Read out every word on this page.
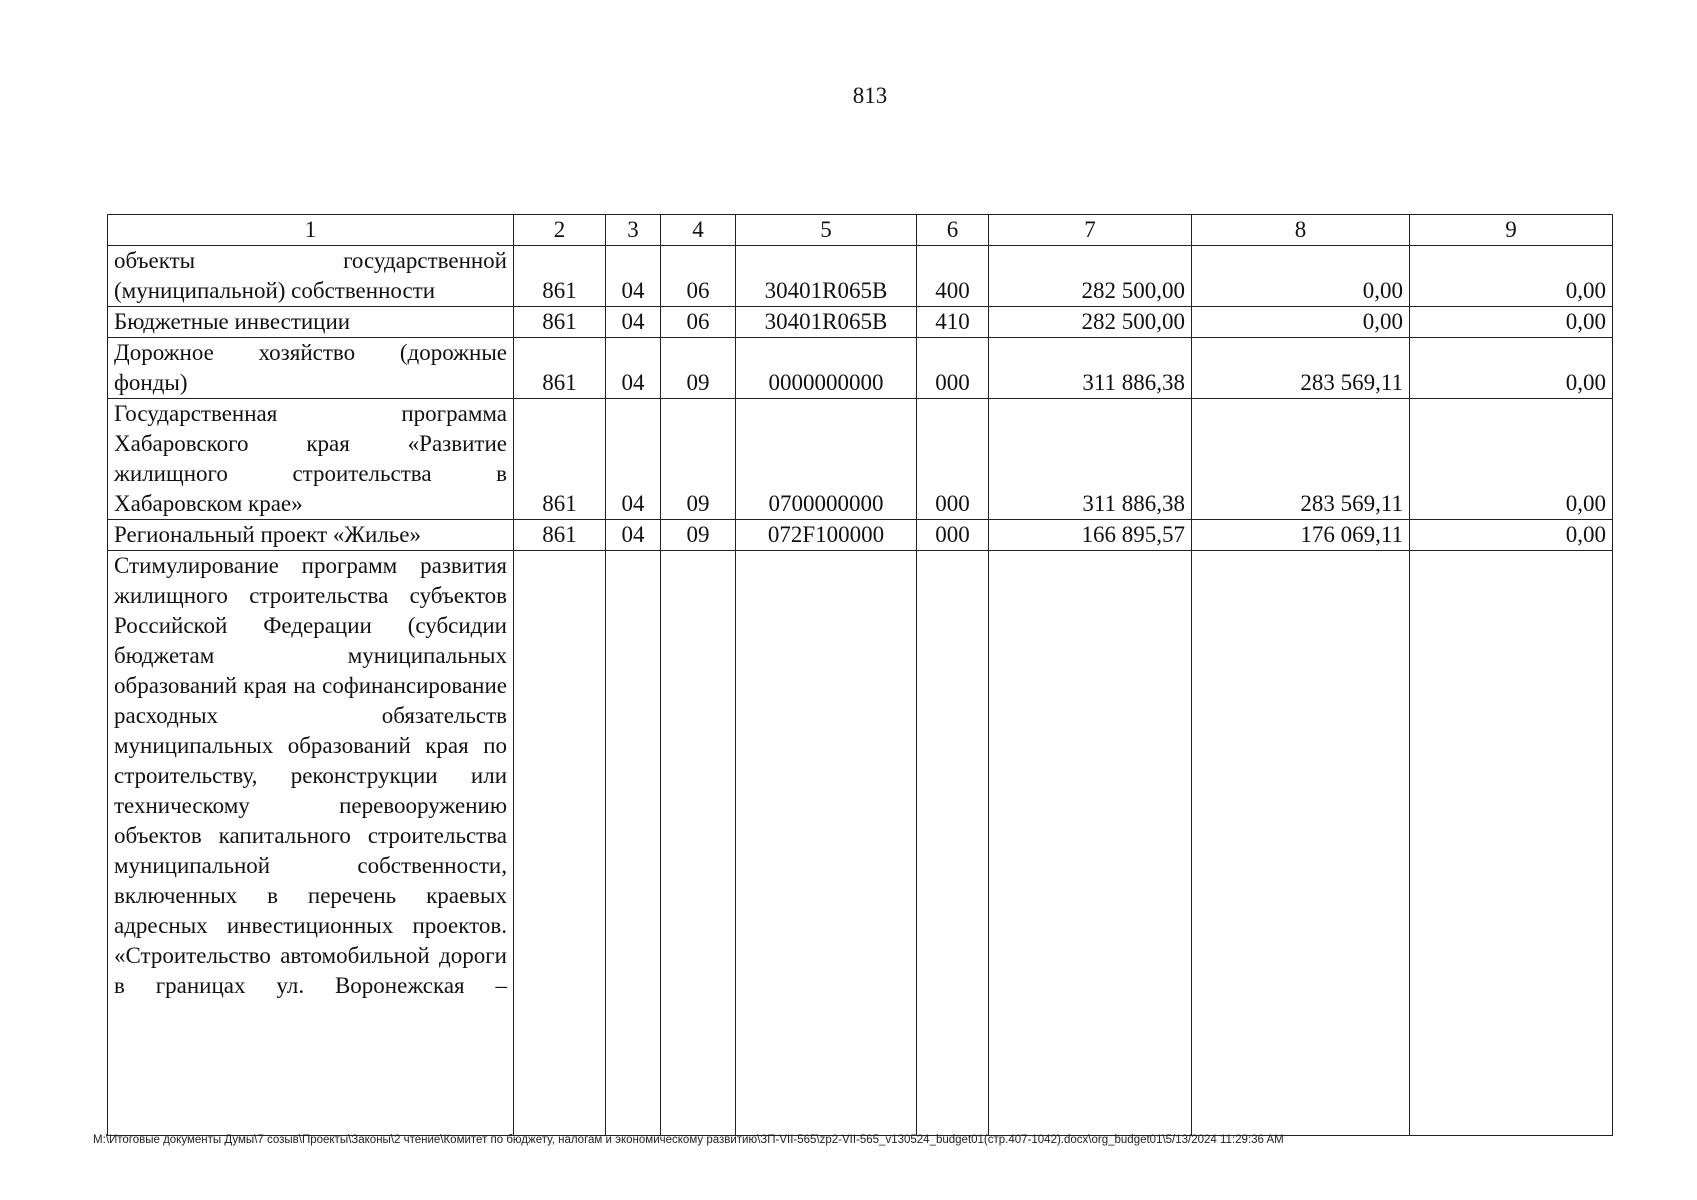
813
1	2	3	4	5	6	7	8	9
объекты государственной (муниципальной) собственности	861	04	06	30401R065B	400	282 500,00	0,00	0,00
Бюджетные инвестиции	861	04	06	30401R065B	410	282 500,00	0,00	0,00
Дорожное хозяйство (дорожные фонды)	861	04	09	0000000000	000	311 886,38	283 569,11	0,00
Государственная программа Хабаровского края «Развитие жилищного строительства в Хабаровском крае»	861	04	09	0700000000	000	311 886,38	283 569,11	0,00
Региональный проект «Жилье»	861	04	09	072F100000	000	166 895,57	176 069,11	0,00
Стимулирование программ развития жилищного строительства субъектов Российской Федерации (субсидии бюджетам муниципальных образований края на софинансирование расходных обязательств муниципальных образований края по строительству, реконструкции или техническому перевооружению объектов капитального строительства муниципальной собственности, включенных в перечень краевых адресных инвестиционных проектов. «Строительство автомобильной дороги в границах ул. Воронежская –								
M:\Итоговые документы Думы\7 созыв\Проекты\Законы\2 чтение\Комитет по бюджету, налогам и экономическому развитию\ЗП-VII-565\zp2-VII-565_v130524_budget01(стр.407-1042).docx\org_budget01\5/13/2024 11:29:36 AM
